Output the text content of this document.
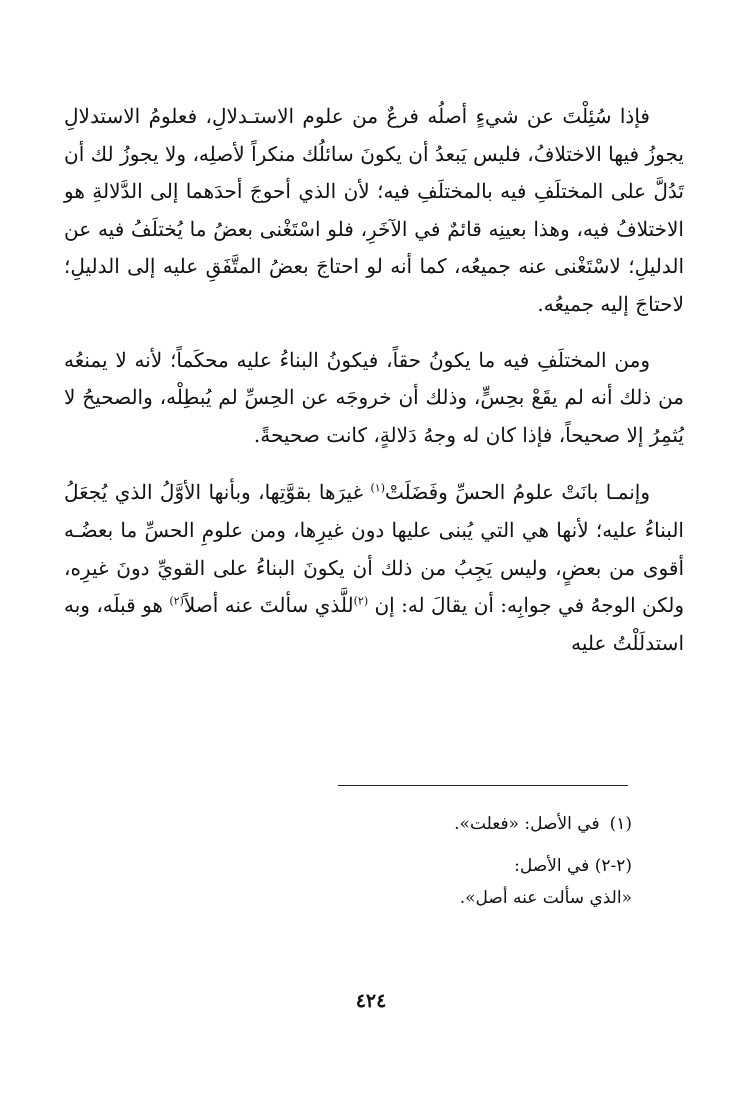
فإذا سُئِلْتَ عن شيءٍ أصلُه فرعٌ من علوم الاستـدلالِ، فعلومُ الاستدلالِ يجوزُ فيها الاختلافُ، فليس يَبعدُ أن يكونَ سائلُك منكراً لأصلِه، ولا يجوزُ لك أن تَدُلَّ على المختلَفِ فيه بالمختلَفِ فيه؛ لأن الذي أحوجَ أحدَهما إلى الدَّلالةِ هو الاختلافُ فيه، وهذا بعينِه قائمٌ في الآخَرِ، فلو اسْتَغْنى بعضُ ما يُختلَفُ فيه عن الدليلِ؛ لاسْتَغْنى عنه جميعُه، كما أنه لو احتاجَ بعضُ المتَّفَقِ عليه إلى الدليلِ؛ لاحتاجَ إليه جميعُه.

ومن المختلَفِ فيه ما يكونُ حقاً، فيكونُ البناءُ عليه محكَماً؛ لأنه لا يمنعُه من ذلك أنه لم يقَعْ بحِسٍّ، وذلك أن خروجَه عن الحِسِّ لم يُبطِلْه، والصحيحُ لا يُثمِرُ إلا صحيحاً، فإذا كان له وجهُ دَلالةٍ، كانت صحيحةً.

وإنمـا بانَتْ علومُ الحسِّ وفَضَلَتْ$^{(١)}$ غيرَها بقوَّتِها، وبأنها الأوَّلُ الذي يُجعَلُ البناءُ عليه؛ لأنها هي التي يُبنى عليها دون غيرِها، ومن علومِ الحسِّ ما بعضُـه أقوى من بعضٍ، وليس يَجِبُ من ذلك أن يكونَ البناءُ على القويِّ دونَ غيرِه، ولكن الوجهُ في جوابِه: أن يقالَ له: إن $^{(٢)}$للَّذي سألتَ عنه أصلاً$^{(٢)}$ هو قبلَه، وبه استدلَلْتُ عليه

(١)في الأصل: «فعلت».
(٢-٢) في الأصل:
«الذي سألت عنه أصل».
٤٢٤
